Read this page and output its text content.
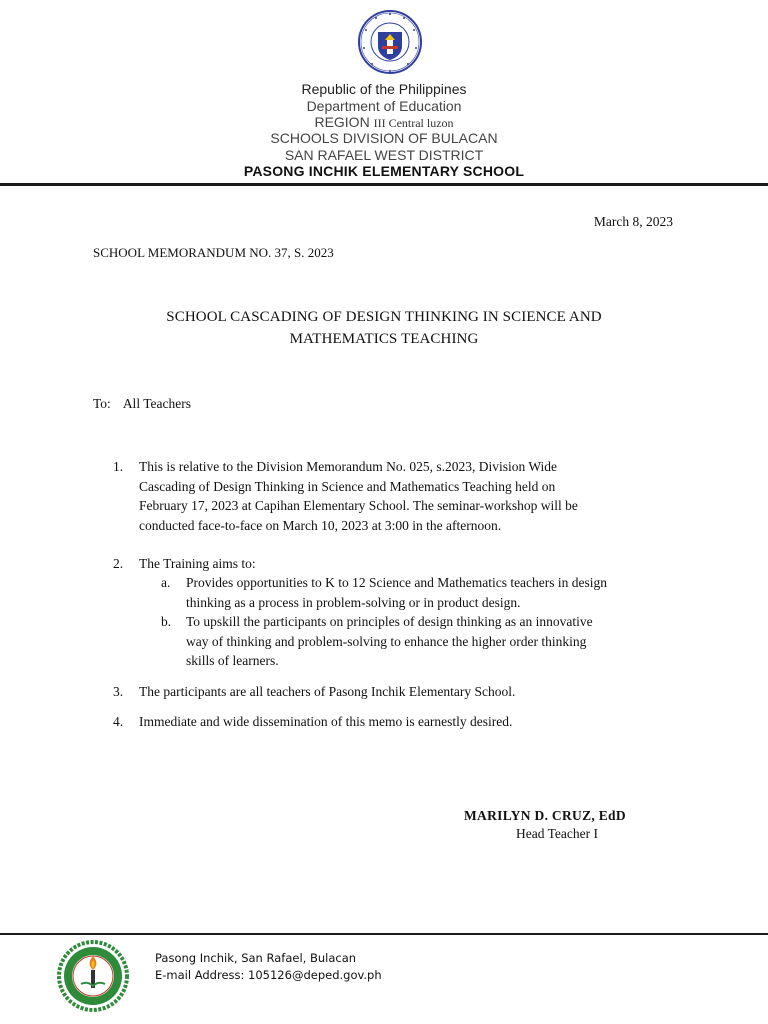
Republic of the Philippines
Department of Education
REGION III Central luzon
SCHOOLS DIVISION OF BULACAN
SAN RAFAEL WEST DISTRICT
PASONG INCHIK ELEMENTARY SCHOOL
March 8, 2023
SCHOOL MEMORANDUM NO. 37, S. 2023
SCHOOL CASCADING OF DESIGN THINKING IN SCIENCE AND
MATHEMATICS TEACHING
To: All Teachers
1. This is relative to the Division Memorandum No. 025, s.2023, Division Wide
Cascading of Design Thinking in Science and Mathematics Teaching held on
February 17, 2023 at Capihan Elementary School. The seminar-workshop will be
conducted face-to-face on March 10, 2023 at 3:00 in the afternoon.
2. The Training aims to:
a. Provides opportunities to K to 12 Science and Mathematics teachers in design
thinking as a process in problem-solving or in product design.
b. To upskill the participants on principles of design thinking as an innovative
way of thinking and problem-solving to enhance the higher order thinking
skills of learners.
3. The participants are all teachers of Pasong Inchik Elementary School.
4. Immediate and wide dissemination of this memo is earnestly desired.
MARILYN D. CRUZ, EdD
Head Teacher I
Pasong Inchik, San Rafael, Bulacan
E-mail Address: 105126@deped.gov.ph
